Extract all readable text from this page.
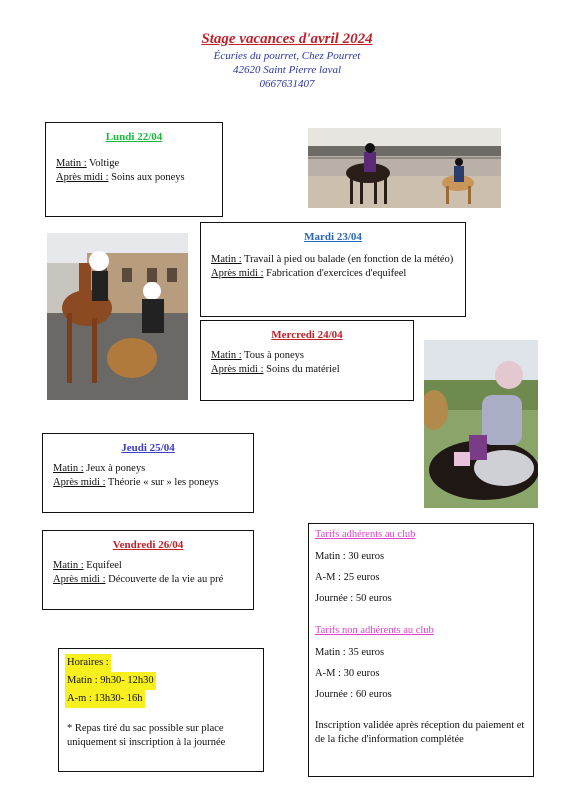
Stage vacances d'avril 2024
Écuries du pourret, Chez Pourret
42620 Saint Pierre laval
0667631407
Lundi 22/04
Matin : Voltige
Après midi : Soins aux poneys
Mardi 23/04
Matin : Travail à pied ou balade (en fonction de la météo)
Après midi : Fabrication d'exercices d'equifeel
Mercredi 24/04
Matin : Tous à poneys
Après midi : Soins du matériel
Jeudi 25/04
Matin : Jeux à poneys
Après midi : Théorie « sur » les poneys
Vendredi 26/04
Matin : Equifeel
Après midi : Découverte de la vie au pré
Horaires :
Matin : 9h30- 12h30
A-m : 13h30- 16h
* Repas tiré du sac possible sur place uniquement si inscription à la journée
Tarifs adhérents au club
Matin : 30 euros
A-M : 25 euros
Journée : 50 euros
Tarifs non adhérents au club
Matin : 35 euros
A-M : 30 euros
Journée : 60 euros
Inscription validée après réception du paiement et de la fiche d'information complétée
